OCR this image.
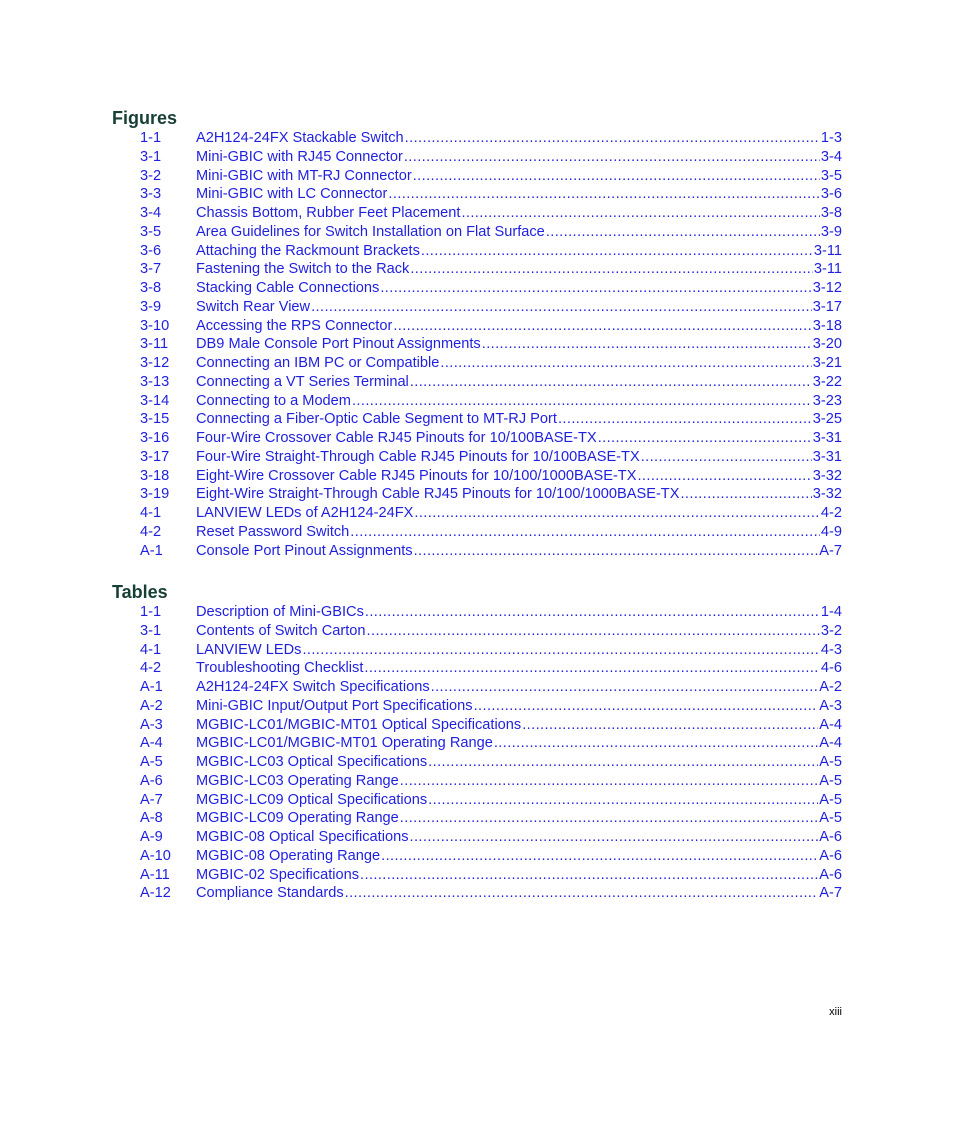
Figures
1-1	A2H124-24FX Stackable Switch .....	1-3
3-1	Mini-GBIC with RJ45 Connector .....	3-4
3-2	Mini-GBIC with MT-RJ Connector .....	3-5
3-3	Mini-GBIC with LC Connector .....	3-6
3-4	Chassis Bottom, Rubber Feet Placement .....	3-8
3-5	Area Guidelines for Switch Installation on Flat Surface .....	3-9
3-6	Attaching the Rackmount Brackets .....	3-11
3-7	Fastening the Switch to the Rack .....	3-11
3-8	Stacking Cable Connections .....	3-12
3-9	Switch Rear View .....	3-17
3-10	Accessing the RPS Connector .....	3-18
3-11	DB9 Male Console Port Pinout Assignments .....	3-20
3-12	Connecting an IBM PC or Compatible .....	3-21
3-13	Connecting a VT Series Terminal .....	3-22
3-14	Connecting to a Modem .....	3-23
3-15	Connecting a Fiber-Optic Cable Segment to MT-RJ Port .....	3-25
3-16	Four-Wire Crossover Cable RJ45 Pinouts for 10/100BASE-TX .....	3-31
3-17	Four-Wire Straight-Through Cable RJ45 Pinouts for 10/100BASE-TX .....	3-31
3-18	Eight-Wire Crossover Cable RJ45 Pinouts for 10/100/1000BASE-TX .....	3-32
3-19	Eight-Wire Straight-Through Cable RJ45 Pinouts for 10/100/1000BASE-TX .....	3-32
4-1	LANVIEW LEDs of A2H124-24FX .....	4-2
4-2	Reset Password Switch .....	4-9
A-1	Console Port Pinout Assignments .....	A-7
Tables
1-1	Description of Mini-GBICs .....	1-4
3-1	Contents of Switch Carton .....	3-2
4-1	LANVIEW LEDs .....	4-3
4-2	Troubleshooting Checklist .....	4-6
A-1	A2H124-24FX Switch Specifications .....	A-2
A-2	Mini-GBIC Input/Output Port Specifications .....	A-3
A-3	MGBIC-LC01/MGBIC-MT01 Optical Specifications .....	A-4
A-4	MGBIC-LC01/MGBIC-MT01 Operating Range .....	A-4
A-5	MGBIC-LC03 Optical Specifications .....	A-5
A-6	MGBIC-LC03 Operating Range .....	A-5
A-7	MGBIC-LC09 Optical Specifications .....	A-5
A-8	MGBIC-LC09 Operating Range .....	A-5
A-9	MGBIC-08 Optical Specifications .....	A-6
A-10	MGBIC-08 Operating Range .....	A-6
A-11	MGBIC-02 Specifications .....	A-6
A-12	Compliance Standards .....	A-7
xiii
